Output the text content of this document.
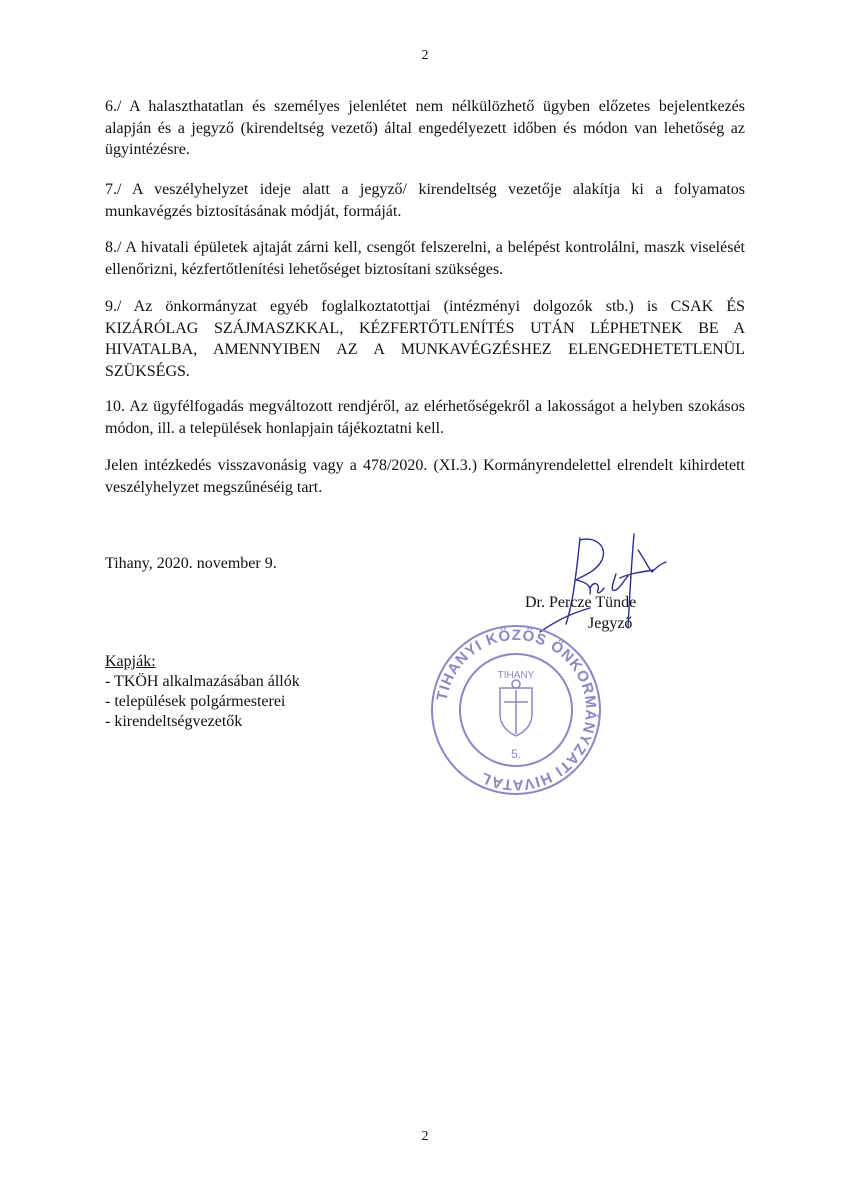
2

6./ A halaszthatatlan és személyes jelenlétet nem nélkülözhető ügyben előzetes bejelentkezés alapján és a jegyző (kirendeltség vezető) által engedélyezett időben és módon van lehetőség az ügyintézésre.

7./ A veszélyhelyzet ideje alatt a jegyző/ kirendeltség vezetője alakítja ki a folyamatos munkavégzés biztosításának módját, formáját.

8./ A hivatali épületek ajtaját zárni kell, csengőt felszerelni, a belépést kontrolálni, maszk viselését ellenőrizni, kézfertőtlenítési lehetőséget biztosítani szükséges.

9./ Az önkormányzat egyéb foglalkoztatottjai (intézményi dolgozók stb.) is CSAK ÉS KIZÁRÓLAG SZÁJMASZKKAL, KÉZFERTŐTLENÍTÉS UTÁN LÉPHETNEK BE A HIVATALBA, AMENNYIBEN AZ A MUNKAVÉGZÉSHEZ ELENGEDHETETLENÜL SZÜKSÉGS.

10. Az ügyfélfogadás megváltozott rendjéről, az elérhetőségekről a lakosságot a helyben szokásos módon, ill. a települések honlapjain tájékoztatni kell.

Jelen intézkedés visszavonásig vagy a 478/2020. (XI.3.) Kormányrendelettel elrendelt kihirdetett veszélyhelyzet megszűnéséig tart.

Tihany, 2020. november 9.
TIHANYI KÖZÖS ÖNKORMÁNYZATI HIVATAL
TIHANY
5.
Dr. Percze Tünde
Jegyző
Kapják:
- TKÖH alkalmazásában állók
- települések polgármesterei
- kirendeltségvezetők
2
